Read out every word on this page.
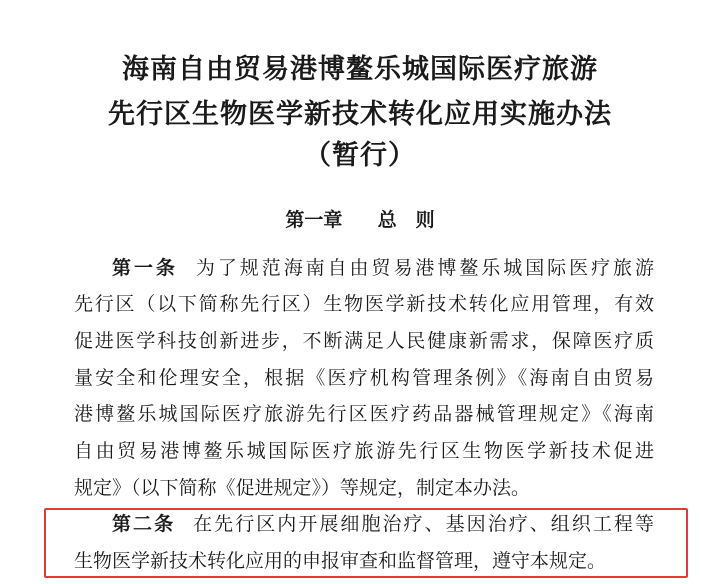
海南自由贸易港博鳌乐城国际医疗旅游
先行区生物医学新技术转化应用实施办法
（暂行）
第一章 总　则
第一条 为了规范海南自由贸易港博鳌乐城国际医疗旅游
先行区（以下简称先行区）生物医学新技术转化应用管理，有效
促进医学科技创新进步，不断满足人民健康新需求，保障医疗质
量安全和伦理安全，根据《医疗机构管理条例》《海南自由贸易
港博鳌乐城国际医疗旅游先行区医疗药品器械管理规定》《海南
自由贸易港博鳌乐城国际医疗旅游先行区生物医学新技术促进
规定》（以下简称《促进规定》）等规定，制定本办法。
第二条 在先行区内开展细胞治疗、基因治疗、组织工程等
生物医学新技术转化应用的申报审查和监督管理，遵守本规定。
